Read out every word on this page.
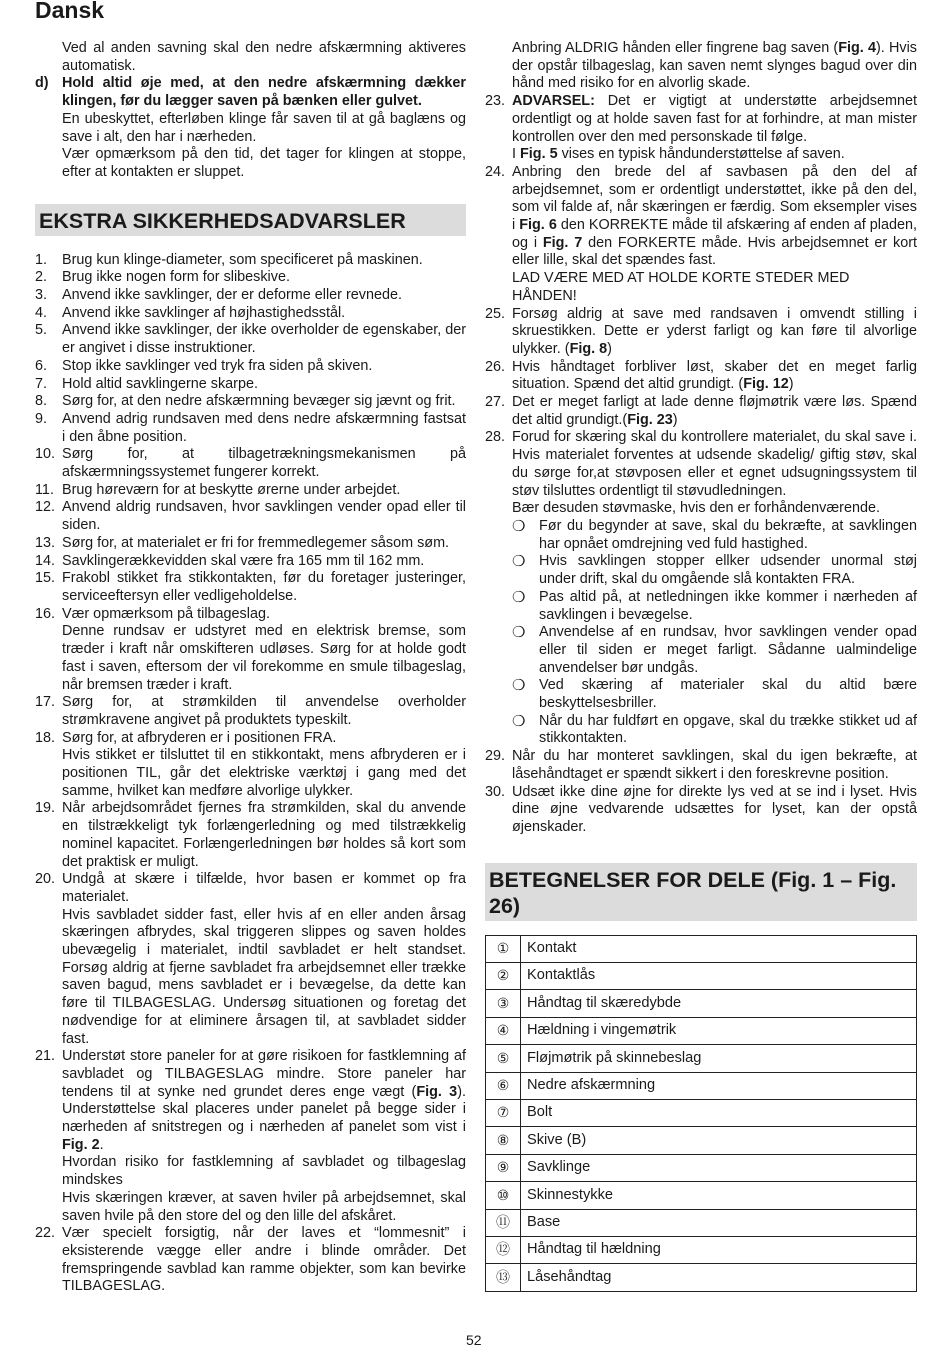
Dansk

Ved al anden savning skal den nedre afskærmning aktiveres automatisk.

d) Hold altid øje med, at den nedre afskærmning dækker klingen, før du lægger saven på bænken eller gulvet.

En ubeskyttet, efterløben klinge får saven til at gå baglæns og save i alt, den har i nærheden.

Vær opmærksom på den tid, det tager for klingen at stoppe, efter at kontakten er sluppet.

EKSTRA SIKKERHEDSADVARSLER
1.	Brug kun klinge-diameter, som specificeret på maskinen.

2.	Brug ikke nogen form for slibeskive.

3.	Anvend ikke savklinger, der er deforme eller revnede.

4.	Anvend ikke savklinger af højhastighedsstål.

5.	Anvend ikke savklinger, der ikke overholder de egenskaber, der er angivet i disse instruktioner.

6.	Stop ikke savklinger ved tryk fra siden på skiven.

7.	Hold altid savklingerne skarpe.

8.	Sørg for, at den nedre afskærmning bevæger sig jævnt og frit.

9.	Anvend adrig rundsaven med dens nedre afskærmning fastsat i den åbne position.

10. Sørg for, at tilbagetrækningsmekanismen på afskærmningssystemet fungerer korrekt.

11. Brug høreværn for at beskytte ørerne under arbejdet.

12. Anvend aldrig rundsaven, hvor savklingen vender opad eller til siden.

13. Sørg for, at materialet er fri for fremmedlegemer såsom søm.

14. Savklingerækkevidden skal være fra 165 mm til 162 mm.

15. Frakobl stikket fra stikkontakten, før du foretager justeringer, serviceeftersyn eller vedligeholdelse.

16. Vær opmærksom på tilbageslag.

Denne rundsav er udstyret med en elektrisk bremse, som træder i kraft når omskifteren udløses. Sørg for at holde godt fast i saven, eftersom der vil forekomme en smule tilbageslag, når bremsen træder i kraft.

17. Sørg for, at strømkilden til anvendelse overholder strømkravene angivet på produktets typeskilt.

18. Sørg for, at afbryderen er i positionen FRA.

Hvis stikket er tilsluttet til en stikkontakt, mens afbryderen er i positionen TIL, går det elektriske værktøj i gang med det samme, hvilket kan medføre alvorlige ulykker.

19. Når arbejdsområdet fjernes fra strømkilden, skal du anvende en tilstrækkeligt tyk forlængerledning og med tilstrækkelig nominel kapacitet. Forlængerledningen bør holdes så kort som det praktisk er muligt.

20. Undgå at skære i tilfælde, hvor basen er kommet op fra materialet.

Hvis savbladet sidder fast, eller hvis af en eller anden årsag skæringen afbrydes, skal triggeren slippes og saven holdes ubevægelig i materialet, indtil savbladet er helt standset. Forsøg aldrig at fjerne savbladet fra arbejdsemnet eller trække saven bagud, mens savbladet er i bevægelse, da dette kan føre til TILBAGESLAG. Undersøg situationen og foretag det nødvendige for at eliminere årsagen til, at savbladet sidder fast.

21. Understøt store paneler for at gøre risikoen for fastklemning af savbladet og TILBAGESLAG mindre. Store paneler har tendens til at synke ned grundet deres enge vægt (Fig. 3). Understøttelse skal placeres under panelet på begge sider i nærheden af snitstregen og i nærheden af panelet som vist i Fig. 2.

Hvordan risiko for fastklemning af savbladet og tilbageslag mindskes

Hvis skæringen kræver, at saven hviler på arbejdsemnet, skal saven hvile på den store del og den lille del afskåret.

22. Vær specielt forsigtig, når der laves et “lommesnit” i eksisterende vægge eller andre i blinde områder. Det fremspringende savblad kan ramme objekter, som kan bevirke TILBAGESLAG.

Anbring ALDRIG hånden eller fingrene bag saven (Fig. 4). Hvis der opstår tilbageslag, kan saven nemt slynges bagud over din hånd med risiko for en alvorlig skade.

23. ADVARSEL: Det er vigtigt at understøtte arbejdsemnet ordentligt og at holde saven fast for at forhindre, at man mister kontrollen over den med personskade til følge.

I Fig. 5 vises en typisk håndunderstøttelse af saven.

24. Anbring den brede del af savbasen på den del af arbejdsemnet, som er ordentligt understøttet, ikke på den del, som vil falde af, når skæringen er færdig. Som eksempler vises i Fig. 6 den KORREKTE måde til afskæring af enden af pladen, og i Fig. 7 den FORKERTE måde. Hvis arbejdsemnet er kort eller lille, skal det spændes fast.

LAD VÆRE MED AT HOLDE KORTE STEDER MED HÅNDEN!

25. Forsøg aldrig at save med randsaven i omvendt stilling i skruestikken. Dette er yderst farligt og kan føre til alvorlige ulykker. (Fig. 8)

26. Hvis håndtaget forbliver løst, skaber det en meget farlig situation. Spænd det altid grundigt. (Fig. 12)

27. Det er meget farligt at lade denne fløjmøtrik være løs. Spænd det altid grundigt.(Fig. 23)

28. Forud for skæring skal du kontrollere materialet, du skal save i. Hvis materialet forventes at udsende skadelig/ giftig støv, skal du sørge for,at støvposen eller et egnet udsugningssystem til støv tilsluttes ordentligt til støvudledningen.

Bær desuden støvmaske, hvis den er forhåndenværende.

❍ Før du begynder at save, skal du bekræfte, at savklingen har opnået omdrejning ved fuld hastighed.

❍ Hvis savklingen stopper ellker udsender unormal støj under drift, skal du omgående slå kontakten FRA.

❍ Pas altid på, at netledningen ikke kommer i nærheden af savklingen i bevægelse.

❍ Anvendelse af en rundsav, hvor savklingen vender opad eller til siden er meget farligt. Sådanne ualmindelige anvendelser bør undgås.

❍ Ved skæring af materialer skal du altid bære beskyttelsesbriller.

❍ Når du har fuldført en opgave, skal du trække stikket ud af stikkontakten.

29. Når du har monteret savklingen, skal du igen bekræfte, at låsehåndtaget er spændt sikkert i den foreskrevne position.

30. Udsæt ikke dine øjne for direkte lys ved at se ind i lyset. Hvis dine øjne vedvarende udsættes for lyset, kan der opstå øjenskader.

BETEGNELSER FOR DELE (Fig. 1 – Fig. 26)
①	Kontakt
②	Kontaktlås
③	Håndtag til skæredybde
④	Hældning i vingemøtrik
⑤	Fløjmøtrik på skinnebeslag
⑥	Nedre afskærmning
⑦	Bolt
⑧	Skive (B)
⑨	Savklinge
⑩	Skinnestykke
⑪	Base
⑫	Håndtag til hældning
⑬	Låsehåndtag
52
